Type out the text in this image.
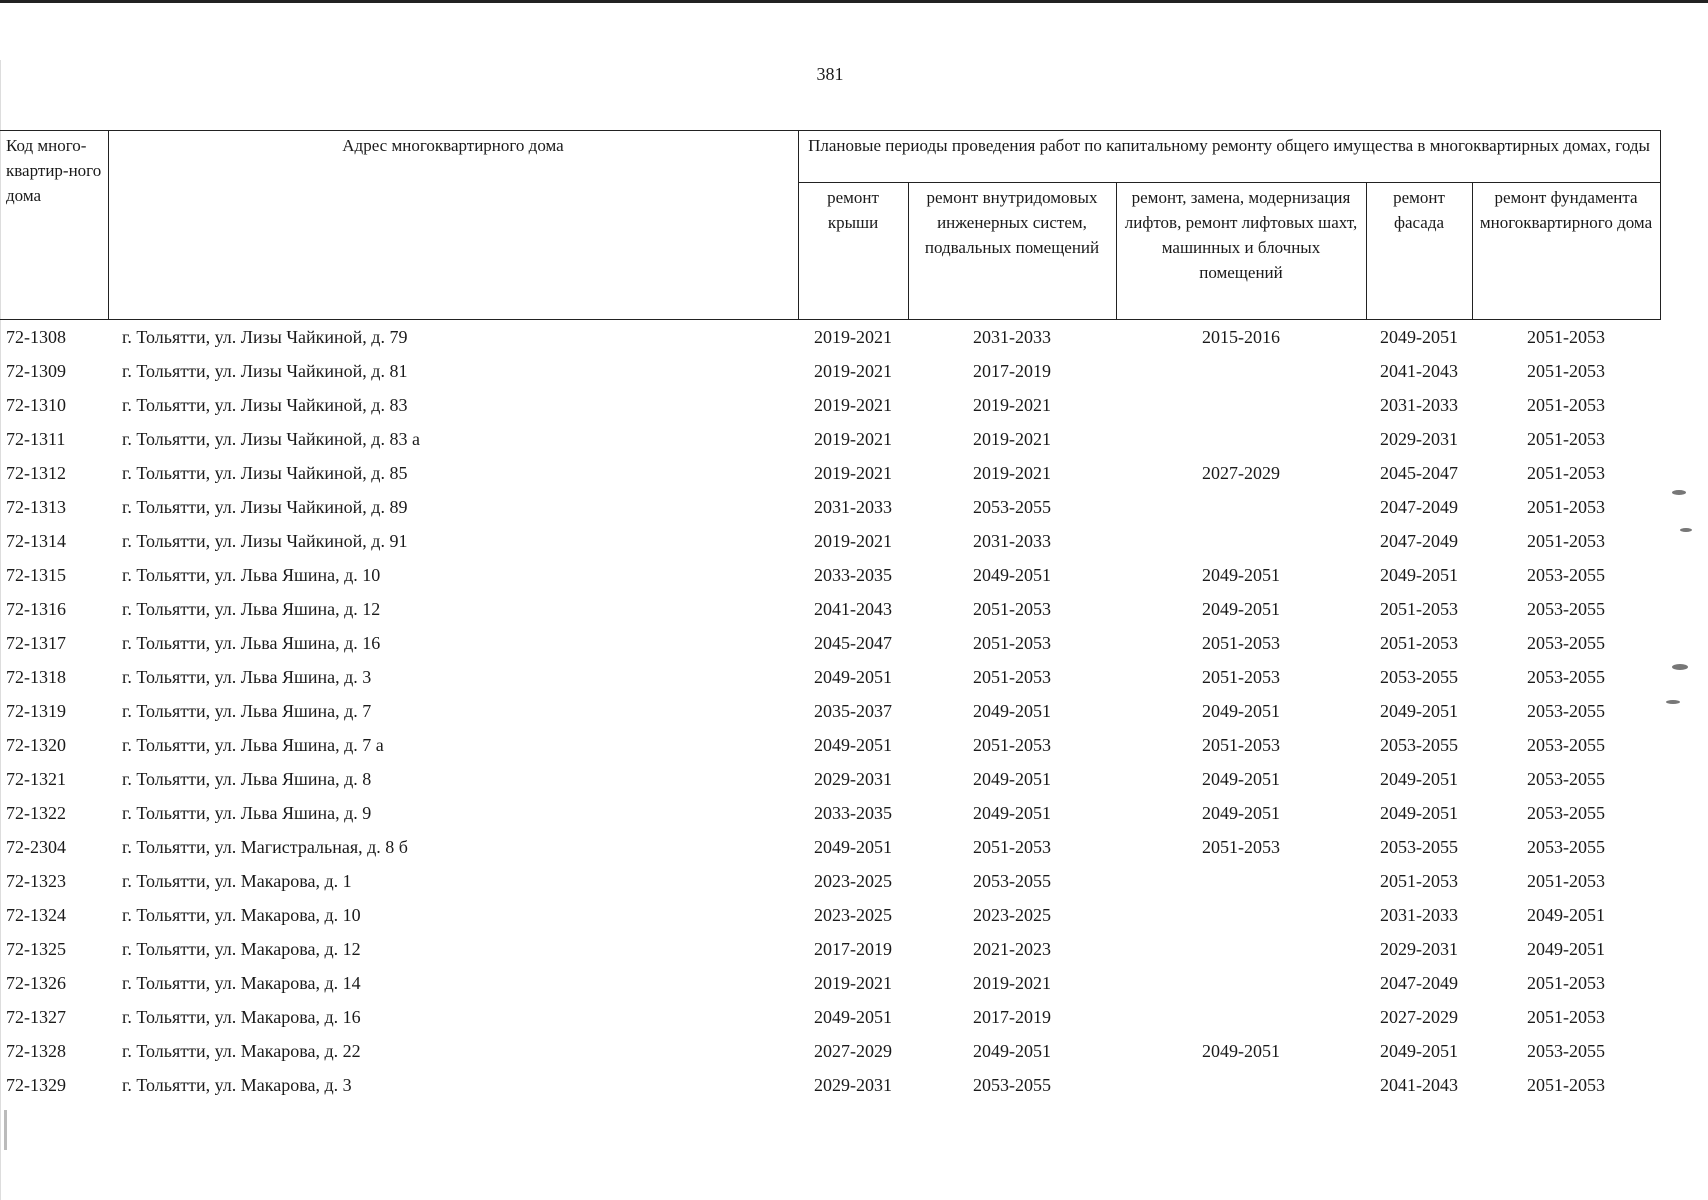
381
Код много-квартир-ного дома	Адрес многоквартирного дома	Плановые периоды проведения работ по капитальному ремонту общего имущества в многоквартирных домах, годы				
		ремонт крыши	ремонт внутридомовых инженерных систем, подвальных помещений	ремонт, замена, модернизация лифтов, ремонт лифтовых шахт, машинных и блочных помещений	ремонт фасада	ремонт фундамента многоквартирного дома
72-1308	г. Тольятти, ул. Лизы Чайкиной, д. 79	2019-2021	2031-2033	2015-2016	2049-2051	2051-2053
72-1309	г. Тольятти, ул. Лизы Чайкиной, д. 81	2019-2021	2017-2019		2041-2043	2051-2053
72-1310	г. Тольятти, ул. Лизы Чайкиной, д. 83	2019-2021	2019-2021		2031-2033	2051-2053
72-1311	г. Тольятти, ул. Лизы Чайкиной, д. 83 а	2019-2021	2019-2021		2029-2031	2051-2053
72-1312	г. Тольятти, ул. Лизы Чайкиной, д. 85	2019-2021	2019-2021	2027-2029	2045-2047	2051-2053
72-1313	г. Тольятти, ул. Лизы Чайкиной, д. 89	2031-2033	2053-2055		2047-2049	2051-2053
72-1314	г. Тольятти, ул. Лизы Чайкиной, д. 91	2019-2021	2031-2033		2047-2049	2051-2053
72-1315	г. Тольятти, ул. Льва Яшина, д. 10	2033-2035	2049-2051	2049-2051	2049-2051	2053-2055
72-1316	г. Тольятти, ул. Льва Яшина, д. 12	2041-2043	2051-2053	2049-2051	2051-2053	2053-2055
72-1317	г. Тольятти, ул. Льва Яшина, д. 16	2045-2047	2051-2053	2051-2053	2051-2053	2053-2055
72-1318	г. Тольятти, ул. Льва Яшина, д. 3	2049-2051	2051-2053	2051-2053	2053-2055	2053-2055
72-1319	г. Тольятти, ул. Льва Яшина, д. 7	2035-2037	2049-2051	2049-2051	2049-2051	2053-2055
72-1320	г. Тольятти, ул. Льва Яшина, д. 7 а	2049-2051	2051-2053	2051-2053	2053-2055	2053-2055
72-1321	г. Тольятти, ул. Льва Яшина, д. 8	2029-2031	2049-2051	2049-2051	2049-2051	2053-2055
72-1322	г. Тольятти, ул. Льва Яшина, д. 9	2033-2035	2049-2051	2049-2051	2049-2051	2053-2055
72-2304	г. Тольятти, ул. Магистральная, д. 8 б	2049-2051	2051-2053	2051-2053	2053-2055	2053-2055
72-1323	г. Тольятти, ул. Макарова, д. 1	2023-2025	2053-2055		2051-2053	2051-2053
72-1324	г. Тольятти, ул. Макарова, д. 10	2023-2025	2023-2025		2031-2033	2049-2051
72-1325	г. Тольятти, ул. Макарова, д. 12	2017-2019	2021-2023		2029-2031	2049-2051
72-1326	г. Тольятти, ул. Макарова, д. 14	2019-2021	2019-2021		2047-2049	2051-2053
72-1327	г. Тольятти, ул. Макарова, д. 16	2049-2051	2017-2019		2027-2029	2051-2053
72-1328	г. Тольятти, ул. Макарова, д. 22	2027-2029	2049-2051	2049-2051	2049-2051	2053-2055
72-1329	г. Тольятти, ул. Макарова, д. 3	2029-2031	2053-2055		2041-2043	2051-2053
